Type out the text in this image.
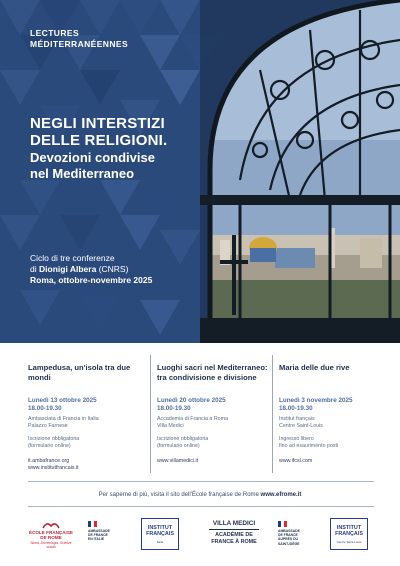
LECTURES
MÉDITERRANÉENNES
NEGLI INTERSTIZI
DELLE RELIGIONI.
Devozioni condivise
nel Mediterraneo
Ciclo di tre conferenze
di Dionigi Albera (CNRS)
Roma, ottobre-novembre 2025
Lampedusa, un'isola tra due mondi
Lunedì 13 ottobre 2025
18.00-19.30
Ambasciata di Francia in Italia
Palazzo Farnese
Iscrizione obbligatoria
(formulario online)
it.ambafrance.org
www.institutfrancais.it
Luoghi sacri nel Mediterraneo: tra condivisione e divisione
Lunedì 20 ottobre 2025
18.00-19.30
Accademia di Francia a Roma
Villa Medici
Iscrizione obbligatoria
(formulario online)
www.villamedici.it
Maria delle due rive
Lunedì 3 novembre 2025
18.00-19.30
Institut français
Centre Saint-Louis
Ingresso libero
fino ad esaurimento posti
www.ifcsl.com
Per saperne di più, visita il sito dell'École française de Rome www.efrome.it
ÉCOLE FRANÇAISE
DE ROME
Storia, Archeologia, Scienze sociali
AMBASSADE
DE FRANCE
EN ITALIE
INSTITUT
FRANÇAIS
Italia
VILLA MEDICI
ACADÉMIE DE
FRANCE À ROME
AMBASSADE
DE FRANCE
AUPRÈS DU
SAINT-SIÈGE
INSTITUT
FRANÇAIS
Centre Saint-Louis
